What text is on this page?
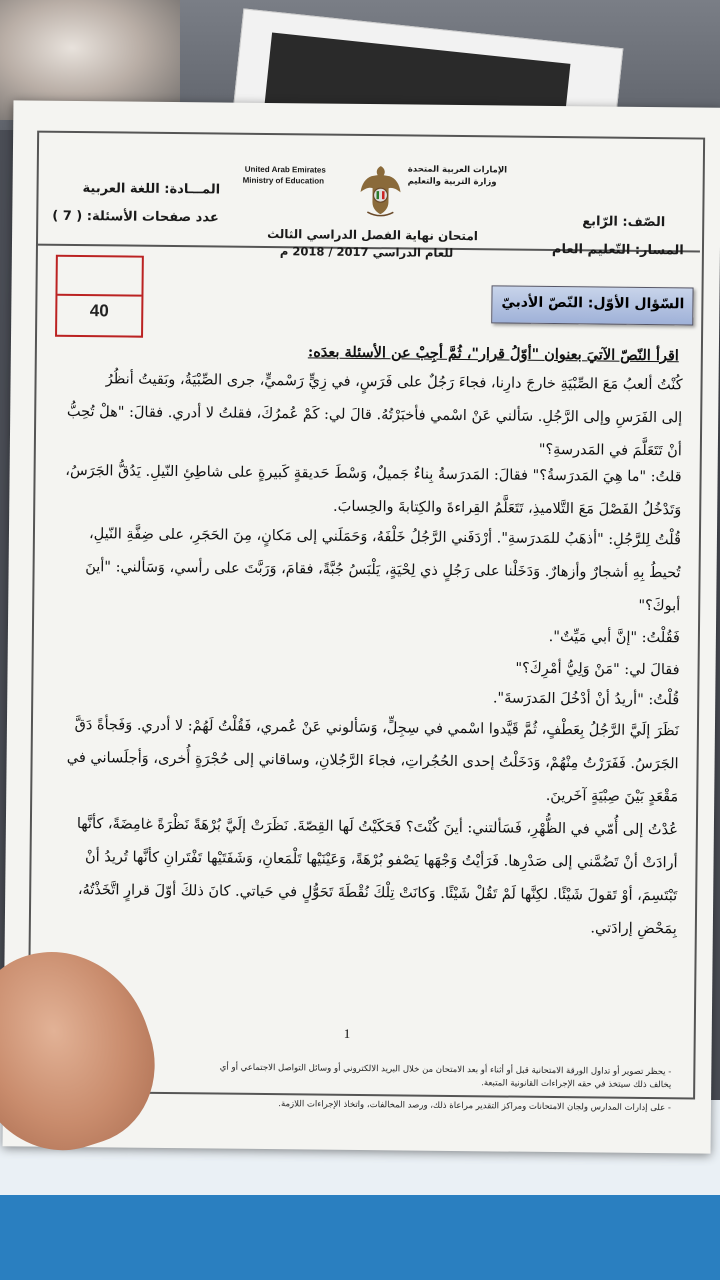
المـــادة: اللغة العربية
عدد صفحات الأسئلة: ( 7 )
United Arab Emirates
Ministry of Education
الإمارات العربية المتحدة
وزارة التربية والتعليم
امتحان نهاية الفصل الدراسي الثالث
للعام الدراسي 2017 / 2018 م
الصّف: الرّابع
المسار: التّعليم العام
40	السّؤال الأوّل: النّصّ الأدبيّ
اقرأ النّصّ الآتيَ بعنوان "أوّلُ قرار"، ثُمَّ أجِبْ عن الأسئلة بعدَه:
كُنْتُ ألعبُ مَعَ الصِّبْيَةِ خارجَ دارِنا، فجاءَ رَجُلٌ على فَرَسٍ، في زِيٍّ رَسْميٍّ، جرى الصِّبْيَةُ، وبَقيتُ أنظُرُ
إلى الفَرَسِ وإلى الرَّجُلِ. سَألني عَنْ اسْمي فأخبَرْتُهُ. قالَ لي: كَمْ عُمرُكَ، فقلتُ لا أدري. فقالَ: "هلْ تُحِبُّ
أنْ تَتَعَلَّمَ في المَدرسةِ؟"
قلتُ: "ما هِيَ المَدرَسةُ؟" فقالَ: المَدرَسةُ بِناءٌ جَميلٌ، وَسْطَ حَديقةٍ كَبيرةٍ على شاطِئِ النّيلِ. يَدُقُّ الجَرَسُ،
وَتَدْخُلُ الفَصْلَ مَعَ التَّلاميذِ، تَتَعَلَّمُ القِراءةَ والكِتابةَ والحِسابَ.
قُلْتُ لِلرَّجُلِ: "أذهَبُ للمَدرَسةِ". أرْدَفَني الرَّجُلُ خَلْفَهُ، وَحَمَلَني إلى مَكانٍ، مِنَ الحَجَرِ، على ضِفَّةِ النّيلِ،
تُحيطُ بِهِ أشجارٌ وأزهارٌ. وَدَخَلْنا على رَجُلٍ ذي لِحْيَةٍ، يَلْبَسُ جُبَّةً، فقامَ، وَرَبَّتَ على رأسي، وَسَألني: "أينَ
أبوكَ؟"
فَقُلْتُ: "إنَّ أبي مَيِّتٌ".
فقالَ لي: "مَنْ وَلِيُّ أمْرِكَ؟"
قُلْتُ: "أريدُ أنْ أدْخُلَ المَدرَسةَ".
نَظَرَ إلَيَّ الرَّجُلُ بِعَطْفٍ، ثُمَّ قَيَّدوا اسْمي في سِجِلٍّ، وَسَألوني عَنْ عُمري، فَقُلْتُ لَهُمْ: لا أدري. وَفَجأةً دَقَّ
الجَرَسُ. فَفَرَرْتُ مِنْهُمْ، وَدَخَلْتُ إحدى الحُجُراتِ، فجاءَ الرَّجُلانِ، وساقاني إلى حُجْرَةٍ أُخرى، وَأجلَساني في
مَقْعَدٍ بَيْنَ صِبْيَةٍ آخَرينَ.
عُدْتُ إلى أُمّي في الظُّهْرِ، فَسَألتني: أينَ كُنْتَ؟ فَحَكَيْتُ لَها القِصّةَ. نَظَرَتْ إلَيَّ بُرْهَةً نَظْرَةً غامِضَةً، كأنَّها
أرادَتْ أنْ تَضُمَّني إلى صَدْرِها. فَرَأيْتُ وَجْهَها يَصْفو بُرْهَةً، وَعَيْنَيْها تَلْمَعانِ، وَشَفَتَيْها تَفْتَرانِ كأنَّها تُريدُ أنْ
تَبْتَسِمَ، أوْ تَقولَ شَيْئًا. لكِنَّها لَمْ تَقُلْ شَيْئًا. وَكانَتْ تِلْكَ نُقْطَةَ تَحَوُّلٍ في حَياتي. كانَ ذلكَ أوّلَ قرارٍ اتَّخَذْتُهُ،
بِمَحْضِ إرادَتي.
1
- يحظر تصوير أو تداول الورقة الامتحانية قبل أو أثناء أو بعد الامتحان من خلال البريد الالكتروني أو وسائل التواصل الاجتماعي أو أي
يخالف ذلك سيتخذ في حقه الإجراءات القانونية المتبعة.
- على إدارات المدارس ولجان الامتحانات ومراكز التقدير مراعاة ذلك، ورصد المخالفات، واتخاذ الإجراءات اللازمة.
